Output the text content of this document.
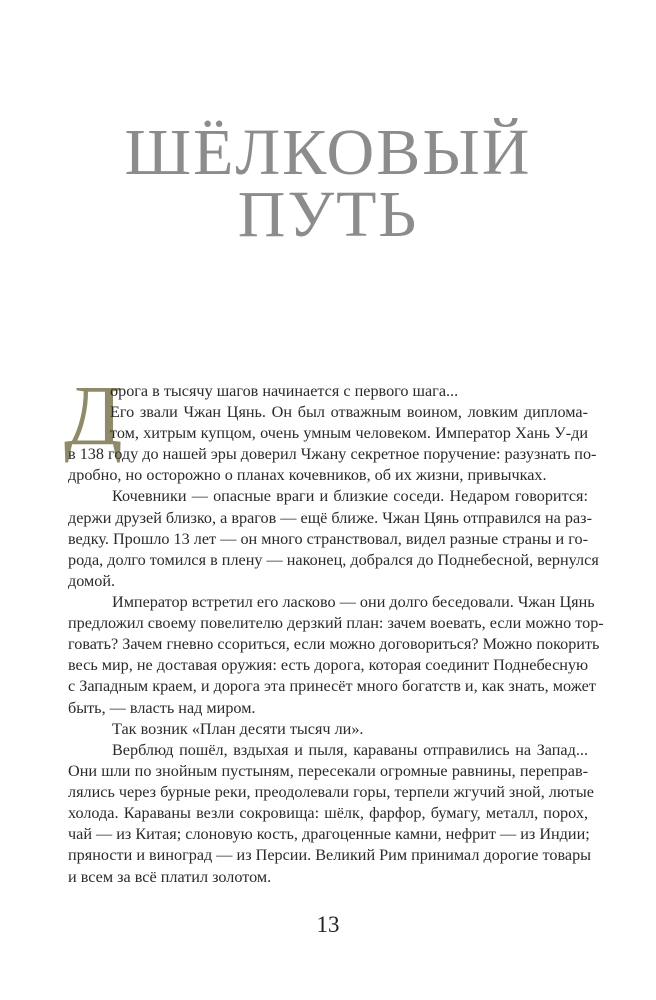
ШЁЛКОВЫЙ
ПУТЬ
Д
орога в тысячу шагов начинается с первого шага...
Его звали Чжан Цянь. Он был отважным воином, ловким диплома-
том, хитрым купцом, очень умным человеком. Император Хань У-ди
в 138 году до нашей эры доверил Чжану секретное поручение: разузнать по-
дробно, но осторожно о планах кочевников, об их жизни, привычках.
Кочевники — опасные враги и близкие соседи. Недаром говорится:
держи друзей близко, а врагов — ещё ближе. Чжан Цянь отправился на раз-
ведку. Прошло 13 лет — он много странствовал, видел разные страны и го-
рода, долго томился в плену — наконец, добрался до Поднебесной, вернулся
домой.
Император встретил его ласково — они долго беседовали. Чжан Цянь
предложил своему повелителю дерзкий план: зачем воевать, если можно тор-
говать? Зачем гневно ссориться, если можно договориться? Можно покорить
весь мир, не доставая оружия: есть дорога, которая соединит Поднебесную
с Западным краем, и дорога эта принесёт много богатств и, как знать, может
быть, — власть над миром.
Так возник «План десяти тысяч ли».
Верблюд пошёл, вздыхая и пыля, караваны отправились на Запад...
Они шли по знойным пустыням, пересекали огромные равнины, переправ-
лялись через бурные реки, преодолевали горы, терпели жгучий зной, лютые
холода. Караваны везли сокровища: шёлк, фарфор, бумагу, металл, порох,
чай — из Китая; слоновую кость, драгоценные камни, нефрит — из Индии;
пряности и виноград — из Персии. Великий Рим принимал дорогие товары
и всем за всё платил золотом.
13
